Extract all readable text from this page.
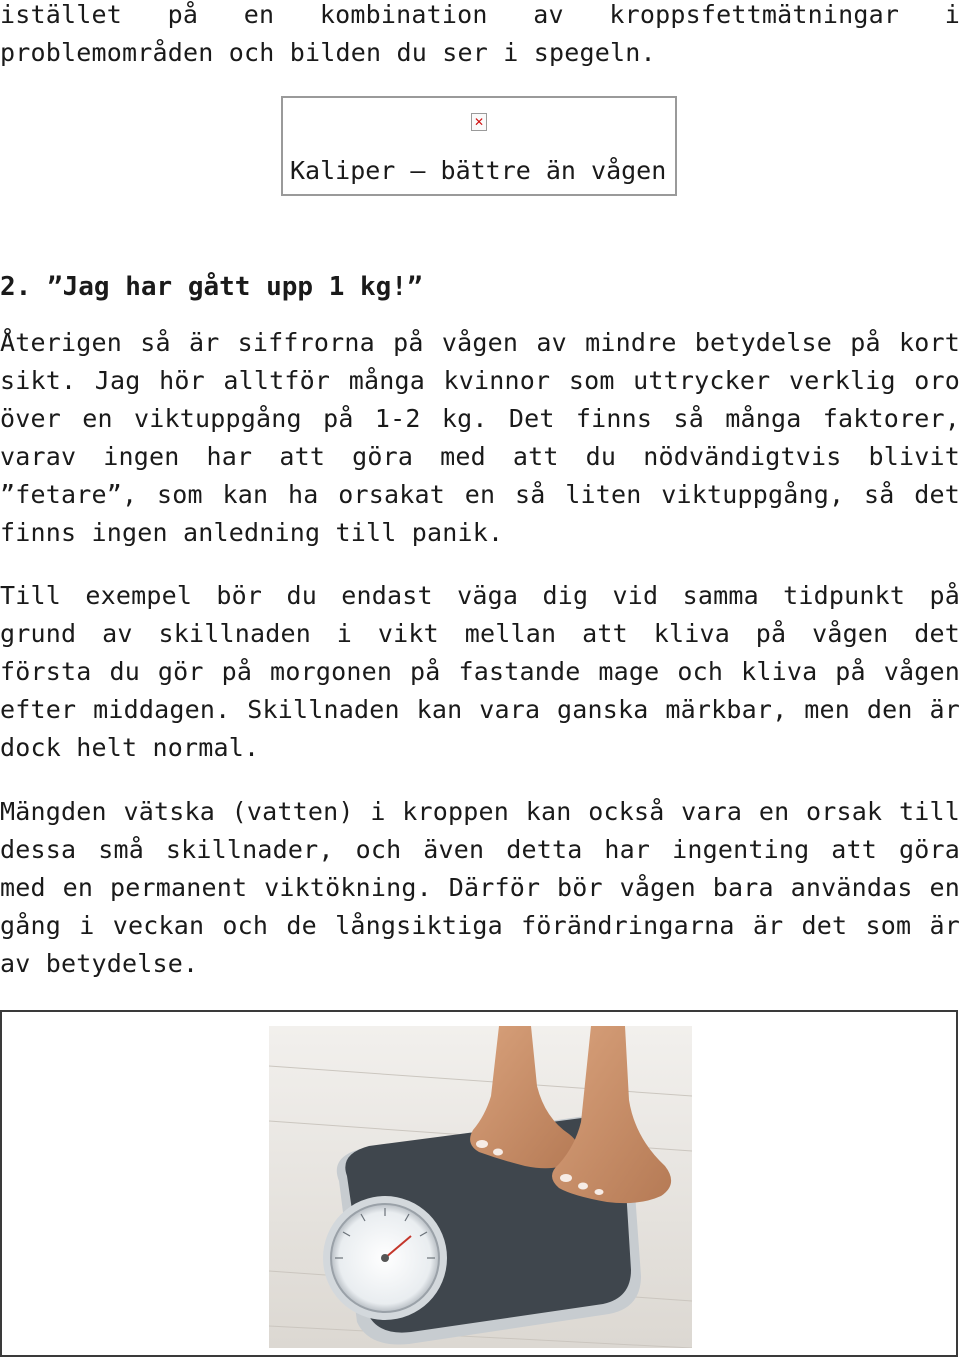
istället på en kombination av kroppsfettmätningar i problemområden och bilden du ser i spegeln.

✕
Kaliper – bättre än vågen
2. ”Jag har gått upp 1 kg!”

Återigen så är siffrorna på vågen av mindre betydelse på kort sikt. Jag hör alltför många kvinnor som uttrycker verklig oro över en viktuppgång på 1-2 kg. Det finns så många faktorer, varav ingen har att göra med att du nödvändigtvis blivit ”fetare”, som kan ha orsakat en så liten viktuppgång, så det finns ingen anledning till panik.

Till exempel bör du endast väga dig vid samma tidpunkt på grund av skillnaden i vikt mellan att kliva på vågen det första du gör på morgonen på fastande mage och kliva på vågen efter middagen. Skillnaden kan vara ganska märkbar, men den är dock helt normal.

Mängden vätska (vatten) i kroppen kan också vara en orsak till dessa små skillnader, och även detta har ingenting att göra med en permanent viktökning. Därför bör vågen bara användas en gång i veckan och de långsiktiga förändringarna är det som är av betydelse.
